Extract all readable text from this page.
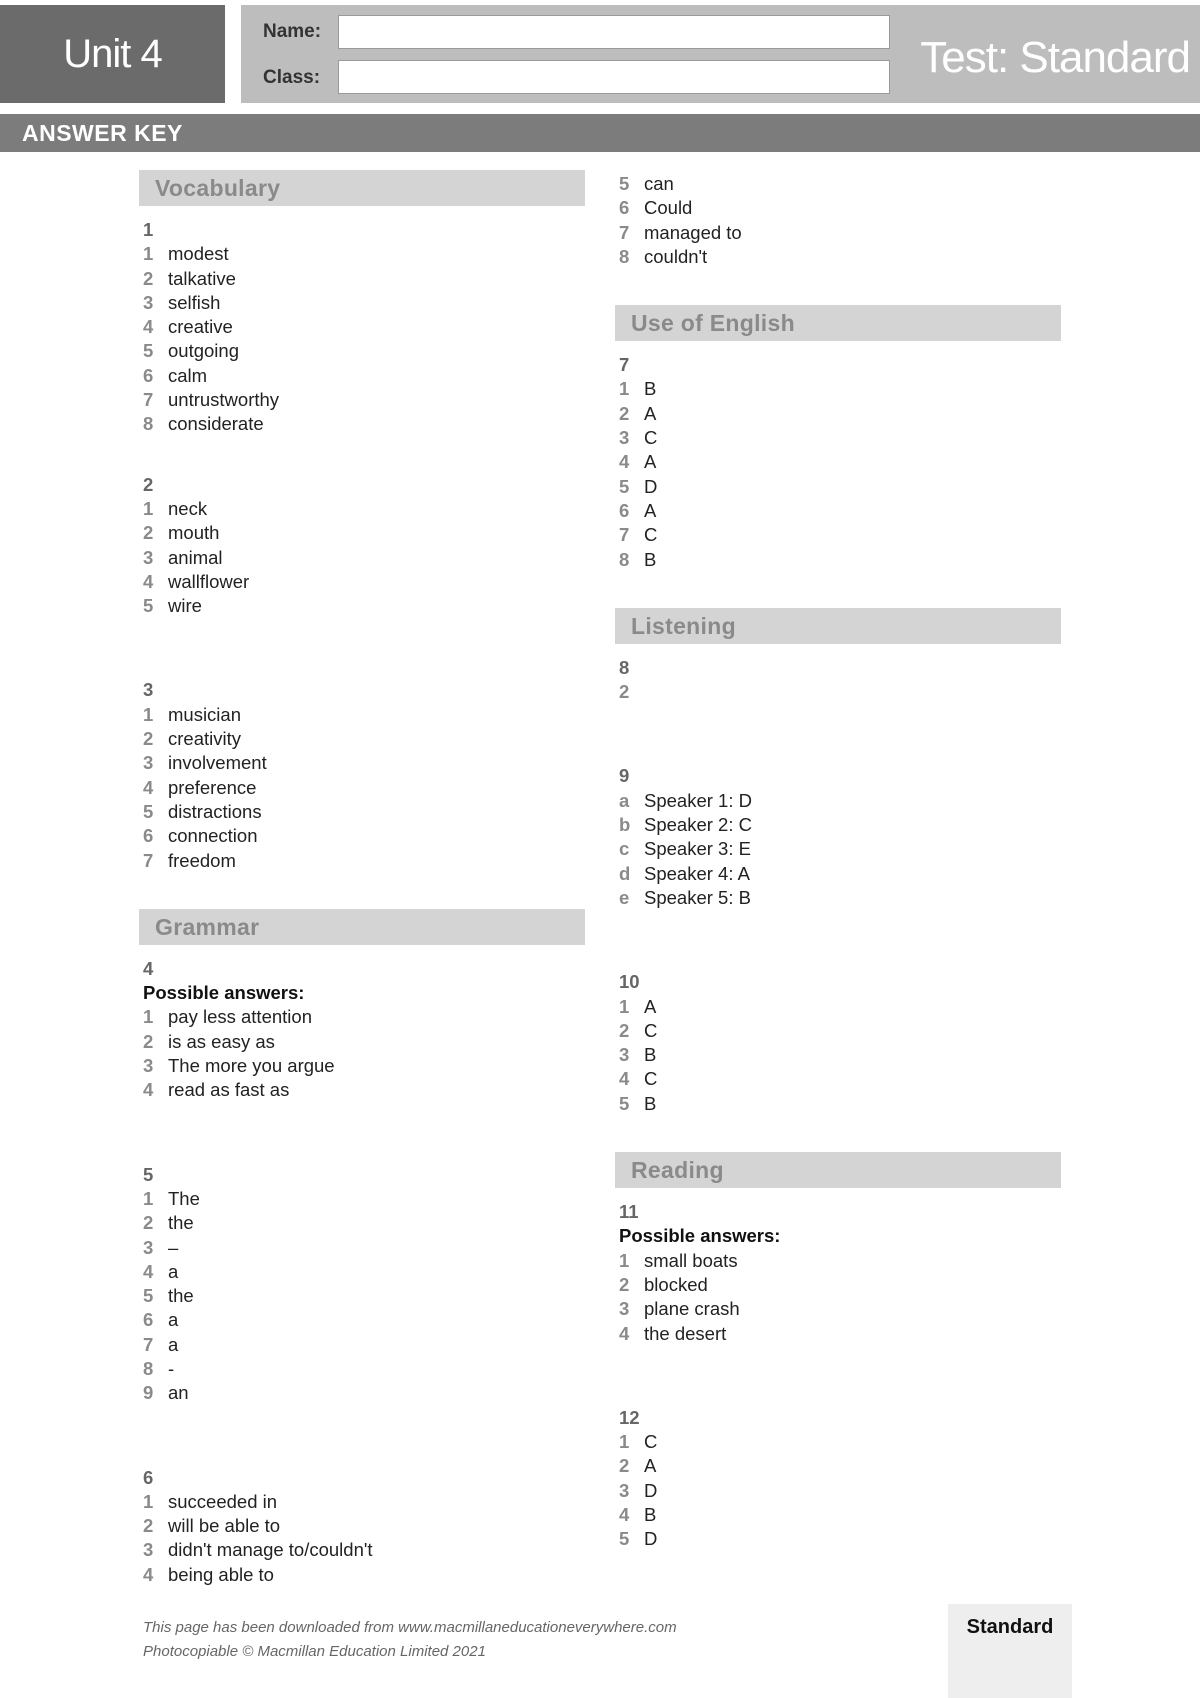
Unit 4	Name:
Class:	Test: Standard
ANSWER KEY
Vocabulary
1
1 modest
2 talkative
3 selfish
4 creative
5 outgoing
6 calm
7 untrustworthy
8 considerate
2
1 neck
2 mouth
3 animal
4 wallflower
5 wire
3
1 musician
2 creativity
3 involvement
4 preference
5 distractions
6 connection
7 freedom
Grammar
4
Possible answers:
1 pay less attention
2 is as easy as
3 The more you argue
4 read as fast as
5
1 The
2 the
3 –
4 a
5 the
6 a
7 a
8 -
9 an
6
1 succeeded in
2 will be able to
3 didn't manage to/couldn't
4 being able to
5 can
6 Could
7 managed to
8 couldn't
Use of English
7
1 B
2 A
3 C
4 A
5 D
6 A
7 C
8 B
Listening
8
2
9
a Speaker 1: D
b Speaker 2: C
c Speaker 3: E
d Speaker 4: A
e Speaker 5: B
10
1 A
2 C
3 B
4 C
5 B
Reading
11
Possible answers:
1 small boats
2 blocked
3 plane crash
4 the desert
12
1 C
2 A
3 D
4 B
5 D
This page has been downloaded from www.macmillaneducationeverywhere.com
Photocopiable © Macmillan Education Limited 2021
Standard
